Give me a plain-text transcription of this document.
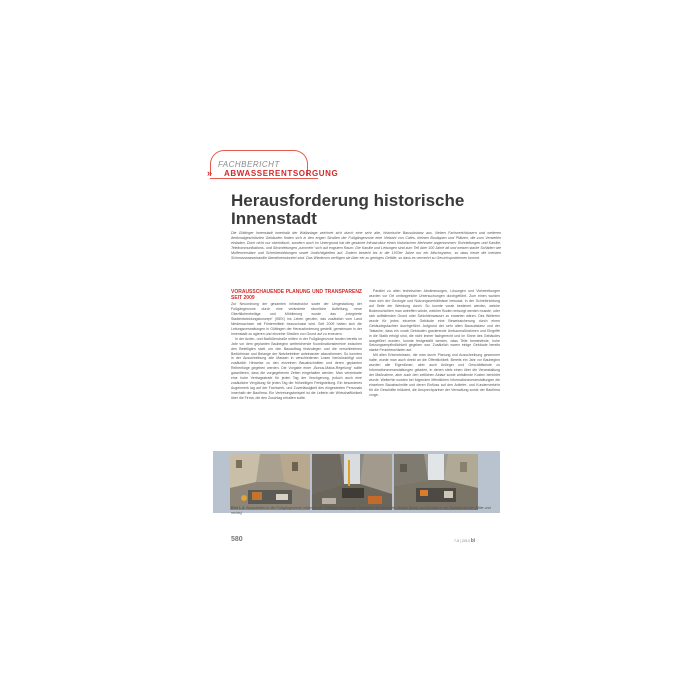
FACHBERICHT
» ABWASSERENTSORGUNG
Herausforderung historische Innenstadt
Die Göttinger Innenstadt innerhalb der Wallanlage zeichnet sich durch eine sehr alte, historische Bausubstanz aus. Neben Fachwerkhäusern und weiteren denkmalgeschützten Gebäuden finden sich in den engen Straßen der Fußgängerzone eine Vielzahl von Cafés, kleinen Boutiquen und Plätzen, die zum Verweilen einladen. Doch nicht nur oberirdisch, sondern auch im Untergrund hat die gesamte Infrastruktur einen historischen Mehrwert angenommen: Rohrleitungen und Kanäle, Telekommunikations- und Stromleitungen „tummeln“ sich auf engstem Raum. Die Kanäle und Leitungen sind zum Teil über 100 Jahre alt und weisen starke Schäden wie Muffenversätze und Scherbenbildungen sowie Undichtigkeiten auf. Zudem besteht bis in die 1970er Jahre nur ein Mischsystem, so dass heute die meisten Schmutzwasserkanäle überdimensioniert sind. Das Wiederum verfügen sie über ein zu geringes Gefälle, so dass es vermehrt zu Geruchsproblemen kommt.
VORAUSSCHAUENDE PLANUNG UND TRANSPARENZ SEIT 2009

Zur Neuordnung der gesamten Infrastruktur sowie der Umgestaltung der Fußgängerzone durch eine veränderte räumliche Aufteilung, neue Oberflächenbeläge und Möblierung wurde das „Integrierte Stadtentwicklungskonzept“ (ISEK) ins Leben gerufen, das zusätzlich vom Land Niedersachsen mit Fördermitteln bezuschusst wird. Seit 2009 haben sich die Leitungsverwaltungen in Göttingen der Herausforderung gestellt, gemeinsam in der Innenstadt zu agieren und einzelne Straßen von Grund auf zu erneuern.

In der Arden- und Barfüßerstraße mitten in der Fußgängerzone fanden bereits im Jahr vor dem geplanten Baubeginn weitreichende Koordinationstermine zwischen den Beteiligten statt, um den Bauauftrag festzulegen und die verschiedenen Bedürfnisse und Belange der Netzbetreiber aufeinander abzustimmen. So konnten in der Ausschreibung alle Massen in verschiedenen Losen berücksichtigt und zusätzlich Hinweise zu den einzelnen Bauabschnitten und deren geplanten Reihenfolge gegeben werden. Die Vorgabe einer „Bonus-Malus-Regelung“ sollte garantieren, dass die vorgegebenen Zeiten eingehalten werden. Man vereinbarte eine hohe Vertragsstrafe für jeden Tag der Verzögerung, jedoch auch eine zusätzliche Vergütung für jeden Tag der frühzeitigen Fertigstellung. Ein besonderes Augenmerk lag auf der Fachwerk- und Zuverlässigkeit des eingesetzten Personals innerhalb der Baufirma. Ein Vertretungsbeispiel ist die Leiterin der Wirtschaftlichkeit über die Firma, die den Zuschlag erhalten sollte.

Parallel zu allen technischen Abstimmungen, Lösungen und Vorbereitungen wurden vor Ort umfangreiche Untersuchungen durchgeführt. Zum einen wurden man sich der Geologie und Nutzungsverhältnisse bewusst, in der Schreibrichtung auf Seite der Wendung durch. So konnte vorab bestimmt werden, welche Bodenschichten man antreffen würde, welcher Boden entsorgt werden musste, oder sich auffallenden Grund oder Schichtenwasser zu erwarten wären. Des Weiteren wurde für jedes einzelne Gebäude eine Beweissicherung durch einen Gebäudegutachter durchgeführt. Aufgrund der sehr alten Bausubstanz und der Tatsache, dass ein vorab Gebäuden gravierende Umbaumaßnahmen und Eingriffe in die Statik erfolgt sind, die nicht immer fachgerecht und im Sinne des Gebäudes ausgeführt wurden, konnte festgestellt werden, dass Teile beweisfeste, hohe Setzungsempfindlichkeit gegeben war. Zusätzlich waren einige Gebäude bereits starke Feuchteschäden auf.

Mit allen Erkenntnissen, die man durch Planung und Ausschreibung gewonnen hatte, wurde man auch direkt an die Öffentlichkeit. Bereits ein Jahr vor Baubeginn wurden alle Eigentümer, aber auch Anlieger und Geschäftsleute zu Informationsveranstaltungen geladen, in denen stets einen über die Veranstaltung der Maßnahme, aber auch den zeitlichen Ablauf sowie anfallende Kosten berichtet wurde. Weiterhin wurden bei folgenden öffentlichen Informationsveranstaltungen die einzelnen Bauabschnitte und deren Einfluss auf den Anliefer- und Kundenverkehr für die Geschäfte erläutert, die Ansprechpartner der Verwaltung sowie der Baufirma vorge-

Bild 1-3: Bauarbeiten in der Fußgängerzone mitten in der Göttinger Innenstadt. Baufeld in der Weender Straße (links) und Baufeld in der Barfüßerstraße (Mitte und rechts)
580	7-8 | 2013 bi
